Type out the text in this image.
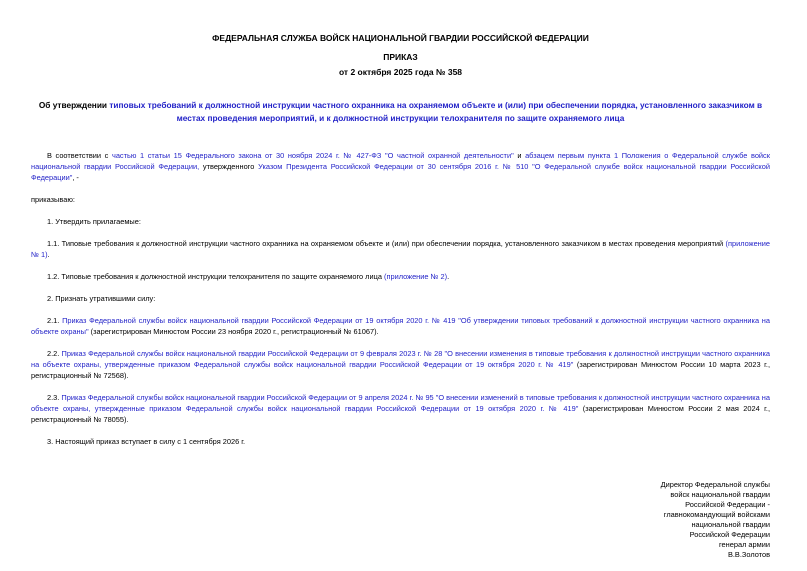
ФЕДЕРАЛЬНАЯ СЛУЖБА ВОЙСК НАЦИОНАЛЬНОЙ ГВАРДИИ РОССИЙСКОЙ ФЕДЕРАЦИИ

ПРИКАЗ

от 2 октября 2025 года № 358

Об утверждении типовых требований к должностной инструкции частного охранника на охраняемом объекте и (или) при обеспечении порядка, установленного заказчиком в местах проведения мероприятий, и к должностной инструкции телохранителя по защите охраняемого лица

В соответствии с частью 1 статьи 15 Федерального закона от 30 ноября 2024 г. № 427-ФЗ "О частной охранной деятельности" и абзацем первым пункта 1 Положения о Федеральной службе войск национальной гвардии Российской Федерации, утвержденного Указом Президента Российской Федерации от 30 сентября 2016 г. № 510 "О Федеральной службе войск национальной гвардии Российской Федерации", -

приказываю:

1. Утвердить прилагаемые:

1.1. Типовые требования к должностной инструкции частного охранника на охраняемом объекте и (или) при обеспечении порядка, установленного заказчиком в местах проведения мероприятий (приложение № 1).

1.2. Типовые требования к должностной инструкции телохранителя по защите охраняемого лица (приложение № 2).

2. Признать утратившими силу:

2.1. Приказ Федеральной службы войск национальной гвардии Российской Федерации от 19 октября 2020 г. № 419 "Об утверждении типовых требований к должностной инструкции частного охранника на объекте охраны" (зарегистрирован Минюстом России 23 ноября 2020 г., регистрационный № 61067).

2.2. Приказ Федеральной службы войск национальной гвардии Российской Федерации от 9 февраля 2023 г. № 28 "О внесении изменения в типовые требования к должностной инструкции частного охранника на объекте охраны, утвержденные приказом Федеральной службы войск национальной гвардии Российской Федерации от 19 октября 2020 г. № 419" (зарегистрирован Минюстом России 10 марта 2023 г., регистрационный № 72568).

2.3. Приказ Федеральной службы войск национальной гвардии Российской Федерации от 9 апреля 2024 г. № 95 "О внесении изменений в типовые требования к должностной инструкции частного охранника на объекте охраны, утвержденные приказом Федеральной службы войск национальной гвардии Российской Федерации от 19 октября 2020 г. № 419" (зарегистрирован Минюстом России 2 мая 2024 г., регистрационный № 78055).

3. Настоящий приказ вступает в силу с 1 сентября 2026 г.

Директор Федеральной службы
войск национальной гвардии
Российской Федерации -
главнокомандующий войсками
национальной гвардии
Российской Федерации
генерал армии
В.В.Золотов
